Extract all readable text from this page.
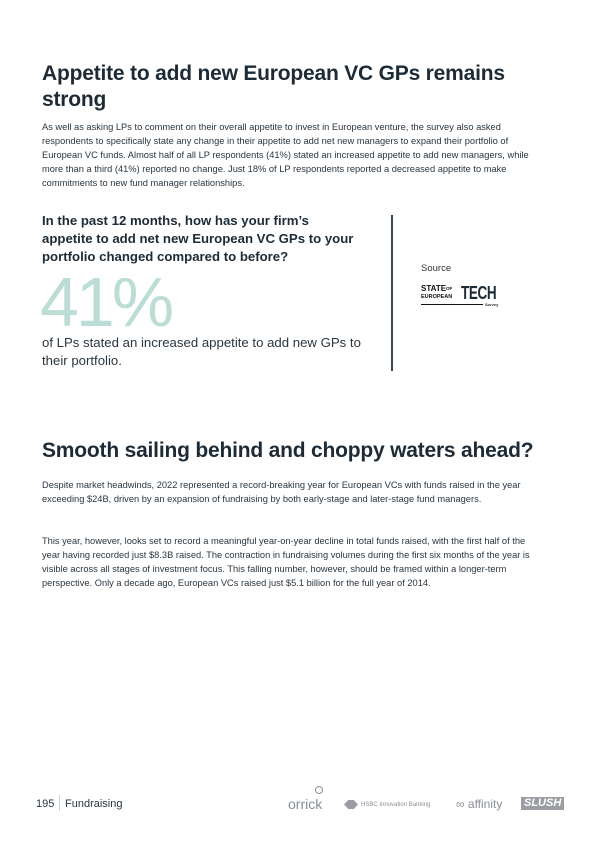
Appetite to add new European VC GPs remains strong

As well as asking LPs to comment on their overall appetite to invest in European venture, the survey also asked respondents to specifically state any change in their appetite to add net new managers to expand their portfolio of European VC funds. Almost half of all LP respondents (41%) stated an increased appetite to add new managers, while more than a third (41%) reported no change. Just 18% of LP respondents reported a decreased appetite to make commitments to new fund manager relationships.

In the past 12 months, how has your firm’s appetite to add net new European VC GPs to your portfolio changed compared to before?
41%
of LPs stated an increased appetite to add new GPs to their portfolio.
Source
$STATE^{OF}$
EUROPEAN TECH
Survey
Smooth sailing behind and choppy waters ahead?

Despite market headwinds, 2022 represented a record-breaking year for European VCs with funds raised in the year exceeding $24B, driven by an expansion of fundraising by both early-stage and later-stage fund managers.

This year, however, looks set to record a meaningful year-on-year decline in total funds raised, with the first half of the year having recorded just $8.3B raised. The contraction in fundraising volumes during the first six months of the year is visible across all stages of investment focus. This falling number, however, should be framed within a longer-term perspective. Only a decade ago, European VCs raised just $5.1 billion for the full year of 2014.

195 Fundraising	orrick	HSBC Innovation Banking ∞ affinity SLUSH
